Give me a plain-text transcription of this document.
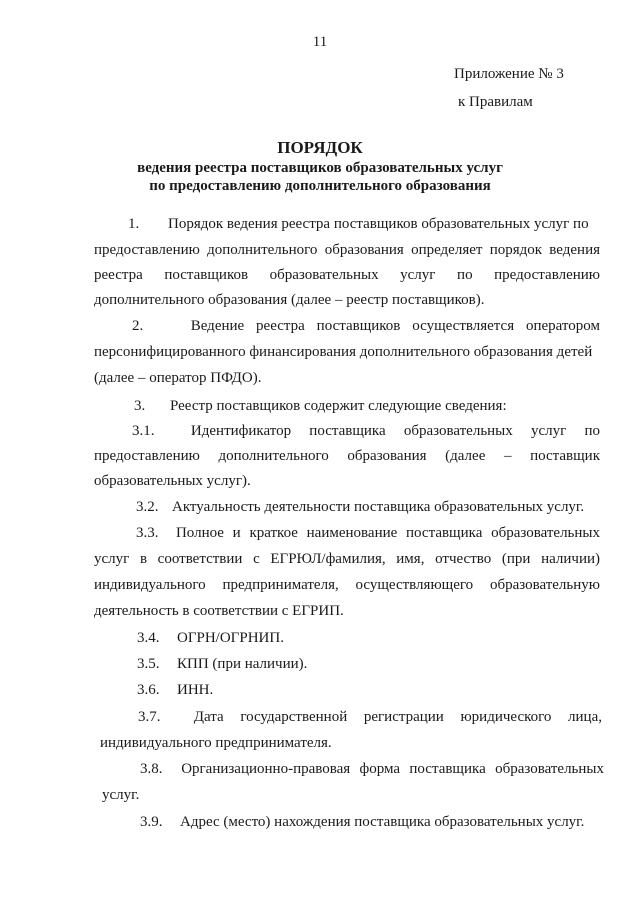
11
Приложение № 3
к Правилам
ПОРЯДОК
ведения реестра поставщиков образовательных услуг
по предоставлению дополнительного образования
1. Порядок ведения реестра поставщиков образовательных услуг по
предоставлению дополнительного образования определяет порядок ведения
реестра поставщиков образовательных услуг по предоставлению
дополнительного образования (далее – реестр поставщиков).
2.	Ведение реестра поставщиков осуществляется оператором
персонифицированного финансирования дополнительного образования детей
(далее – оператор ПФДО).
3. Реестр поставщиков содержит следующие сведения:
3.1. Идентификатор поставщика образовательных услуг по
предоставлению дополнительного образования (далее – поставщик
образовательных услуг).
3.2. Актуальность деятельности поставщика образовательных услуг.
3.3. Полное и краткое наименование поставщика образовательных
услуг в соответствии с ЕГРЮЛ/фамилия, имя, отчество (при наличии)
индивидуального предпринимателя, осуществляющего образовательную
деятельность в соответствии с ЕГРИП.
3.4. ОГРН/ОГРНИП.
3.5. КПП (при наличии).
3.6. ИНН.
3.7. Дата государственной регистрации юридического лица,
индивидуального предпринимателя.
3.8. Организационно-правовая форма поставщика образовательных
услуг.
3.9. Адрес (место) нахождения поставщика образовательных услуг.
